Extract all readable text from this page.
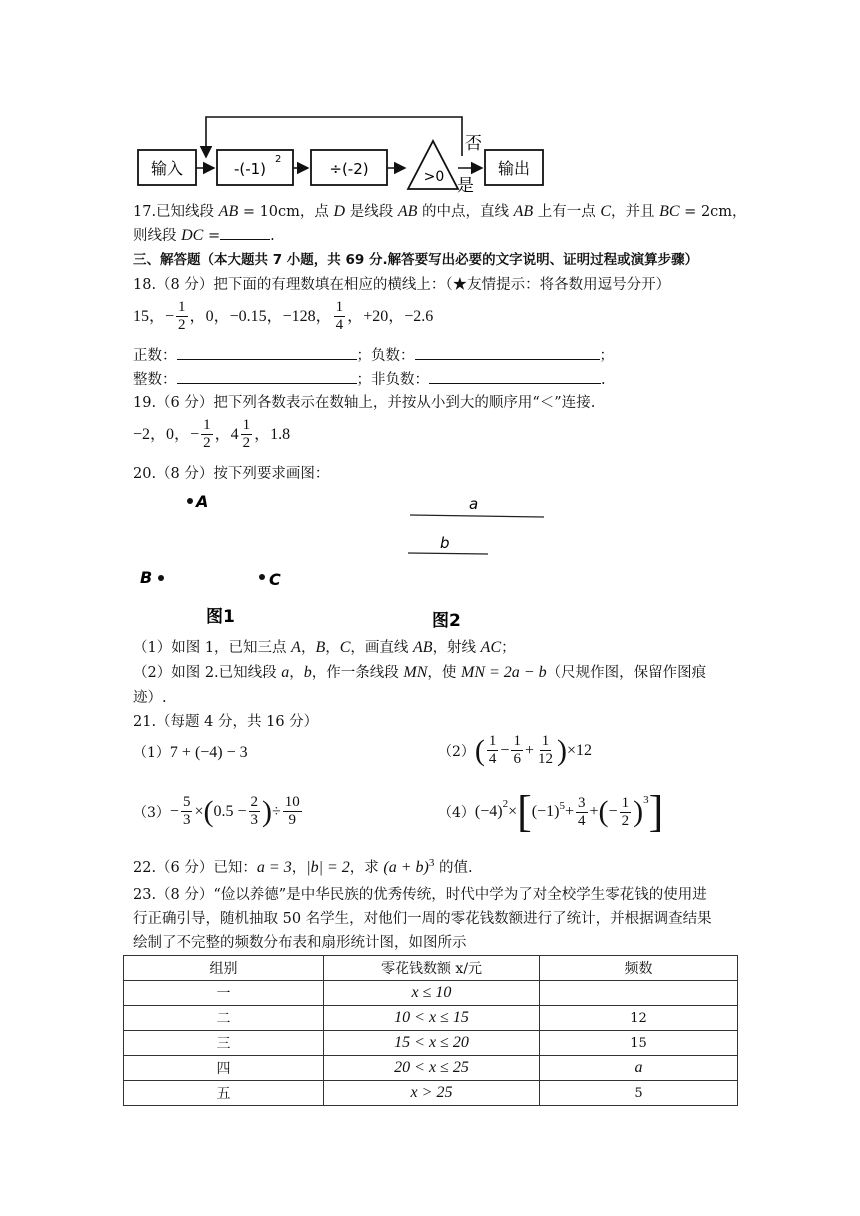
输入	-(-1)
2
÷(-2)	>0
否
是
输出
17.已知线段 AB = 10cm，点 D 是线段 AB 的中点，直线 AB 上有一点 C，并且 BC = 2cm，
则线段 DC =	.
三、解答题（本大题共 7 小题，共 69 分.解答要写出必要的文字说明、证明过程或演算步骤）
18.（8 分）把下面的有理数填在相应的横线上：（★友情提示：将各数用逗号分开）
15，− $\frac{1}{2}$ ，0，−0.15，−128， $\frac{1}{4}$ ，+20，−2.6
正数：	；负数：	；
整数：	；非负数：	.
19.（6 分）把下列各数表示在数轴上，并按从小到大的顺序用“＜”连接.
−2，0，− $\frac{1}{2}$ ，$4 \frac{1}{2}$ ，1.8
20.（8 分）按下列要求画图：
A
B	C
图1
a
b
图2
（1）如图 1，已知三点 A，B，C，画直线 AB，射线 AC；
（2）如图 2.已知线段 a，b，作一条线段 MN，使 MN = 2a − b（尺规作图，保留作图痕
迹）.
21.（每题 4 分，共 16 分）
（1）7 + (−4) − 3	（2） ( $\frac{1}{4} - \frac{1}{6} + \frac{1}{12}$ ) ×12
$(3) - \frac{5}{3}$ × ( $0.5 - \frac{2}{3}$ ) ÷ $\frac{10}{9}$	（4） $(-4)^2$ × [ $(-1)^5 + \frac{3}{4}$ + ( − $\frac{1}{2} )^3$ ]
22.（6 分）已知：a = 3，|b| = 2，求 $(a + b)^3$ 的值.
23.（8 分）“俭以养德”是中华民族的优秀传统，时代中学为了对全校学生零花钱的使用进
行正确引导，随机抽取 50 名学生，对他们一周的零花钱数额进行了统计，并根据调查结果
绘制了不完整的频数分布表和扇形统计图，如图所示
组别	零花钱数额 x/元	频数
一	x ≤ 10	
二	10 < x ≤ 15	12
三	15 < x ≤ 20	15
四	20 < x ≤ 25	a
五	x > 25	5
